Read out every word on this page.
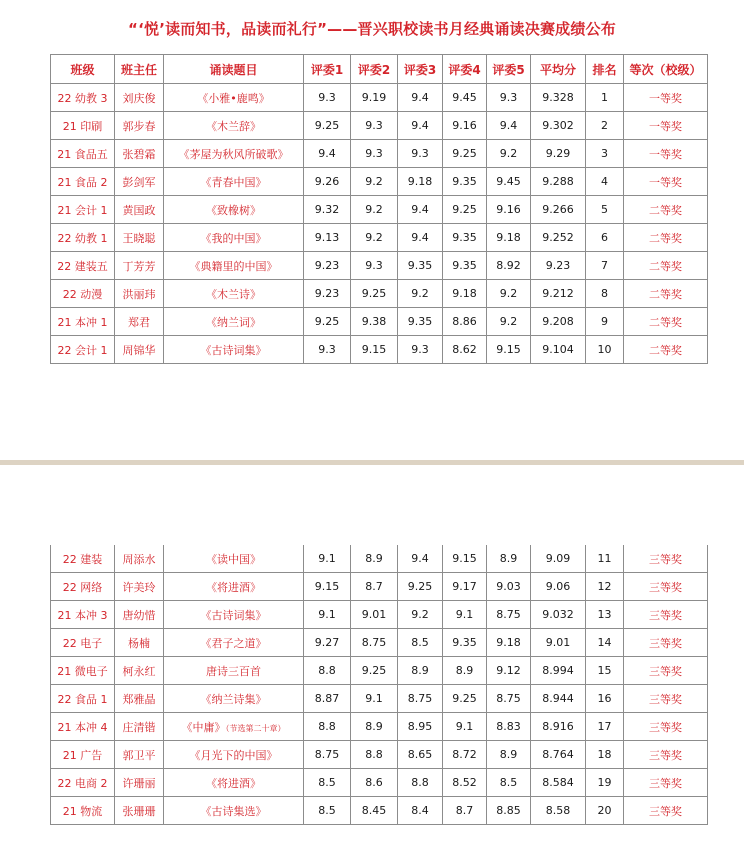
“‘悦’读而知书，品读而礼行”——晋兴职校读书月经典诵读决赛成绩公布
班级	班主任	诵读题目	评委1	评委2	评委3	评委4	评委5	平均分	排名	等次（校级）
22 幼教 3	刘庆俊	《小雅•鹿鸣》	9.3	9.19	9.4	9.45	9.3	9.328	1	一等奖
21 印刷	郭步春	《木兰辞》	9.25	9.3	9.4	9.16	9.4	9.302	2	一等奖
21 食品五	张碧霜	《茅屋为秋风所破歌》	9.4	9.3	9.3	9.25	9.2	9.29	3	一等奖
21 食品 2	彭剑军	《青春中国》	9.26	9.2	9.18	9.35	9.45	9.288	4	一等奖
21 会计 1	黄国政	《致橡树》	9.32	9.2	9.4	9.25	9.16	9.266	5	二等奖
22 幼教 1	王晓聪	《我的中国》	9.13	9.2	9.4	9.35	9.18	9.252	6	二等奖
22 建装五	丁芳芳	《典籍里的中国》	9.23	9.3	9.35	9.35	8.92	9.23	7	二等奖
22 动漫	洪丽玮	《木兰诗》	9.23	9.25	9.2	9.18	9.2	9.212	8	二等奖
21 本冲 1	郑君	《纳兰词》	9.25	9.38	9.35	8.86	9.2	9.208	9	二等奖
22 会计 1	周锦华	《古诗词集》	9.3	9.15	9.3	8.62	9.15	9.104	10	二等奖
22 建装	周添水	《读中国》	9.1	8.9	9.4	9.15	8.9	9.09	11	三等奖
22 网络	许美玲	《将进酒》	9.15	8.7	9.25	9.17	9.03	9.06	12	三等奖
21 本冲 3	唐幼惜	《古诗词集》	9.1	9.01	9.2	9.1	8.75	9.032	13	三等奖
22 电子	杨楠	《君子之道》	9.27	8.75	8.5	9.35	9.18	9.01	14	三等奖
21 微电子	柯永红	唐诗三百首	8.8	9.25	8.9	8.9	9.12	8.994	15	三等奖
22 食品 1	郑雅晶	《纳兰诗集》	8.87	9.1	8.75	9.25	8.75	8.944	16	三等奖
21 本冲 4	庄清锴	《中庸》（节选第二十章）	8.8	8.9	8.95	9.1	8.83	8.916	17	三等奖
21 广告	郭卫平	《月光下的中国》	8.75	8.8	8.65	8.72	8.9	8.764	18	三等奖
22 电商 2	许珊丽	《将进酒》	8.5	8.6	8.8	8.52	8.5	8.584	19	三等奖
21 物流	张珊珊	《古诗集选》	8.5	8.45	8.4	8.7	8.85	8.58	20	三等奖
